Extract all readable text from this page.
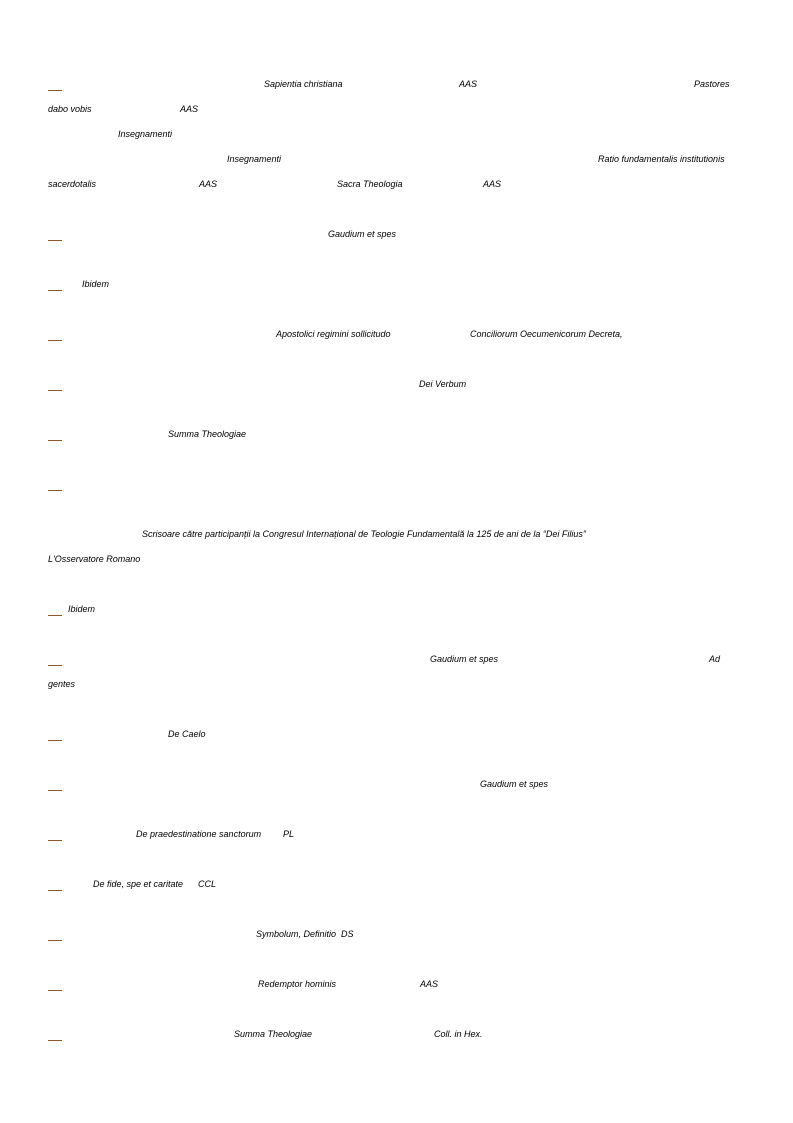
Sapientia christiana	AAS	Pastores
dabo vobis	AAS
Insegnamenti
Insegnamenti	Ratio fundamentalis institutionis
sacerdotalis	AAS	Sacra Theologia	AAS
Gaudium et spes
Ibidem
Apostolici regimini sollicitudo	Conciliorum Oecumenicorum Decreta,
Dei Verbum
Summa Theologiae
Scrisoare către participanții la Congresul Internațional de Teologie Fundamentală la 125 de ani de la “Dei Filius”
L'Osservatore Romano
Ibidem
Gaudium et spes	Ad
gentes
De Caelo
Gaudium et spes
De praedestinatione sanctorum PL
De fide, spe et caritate CCL
Symbolum, Definitio  DS
Redemptor hominis	AAS
Summa Theologiae	Coll. in Hex.
